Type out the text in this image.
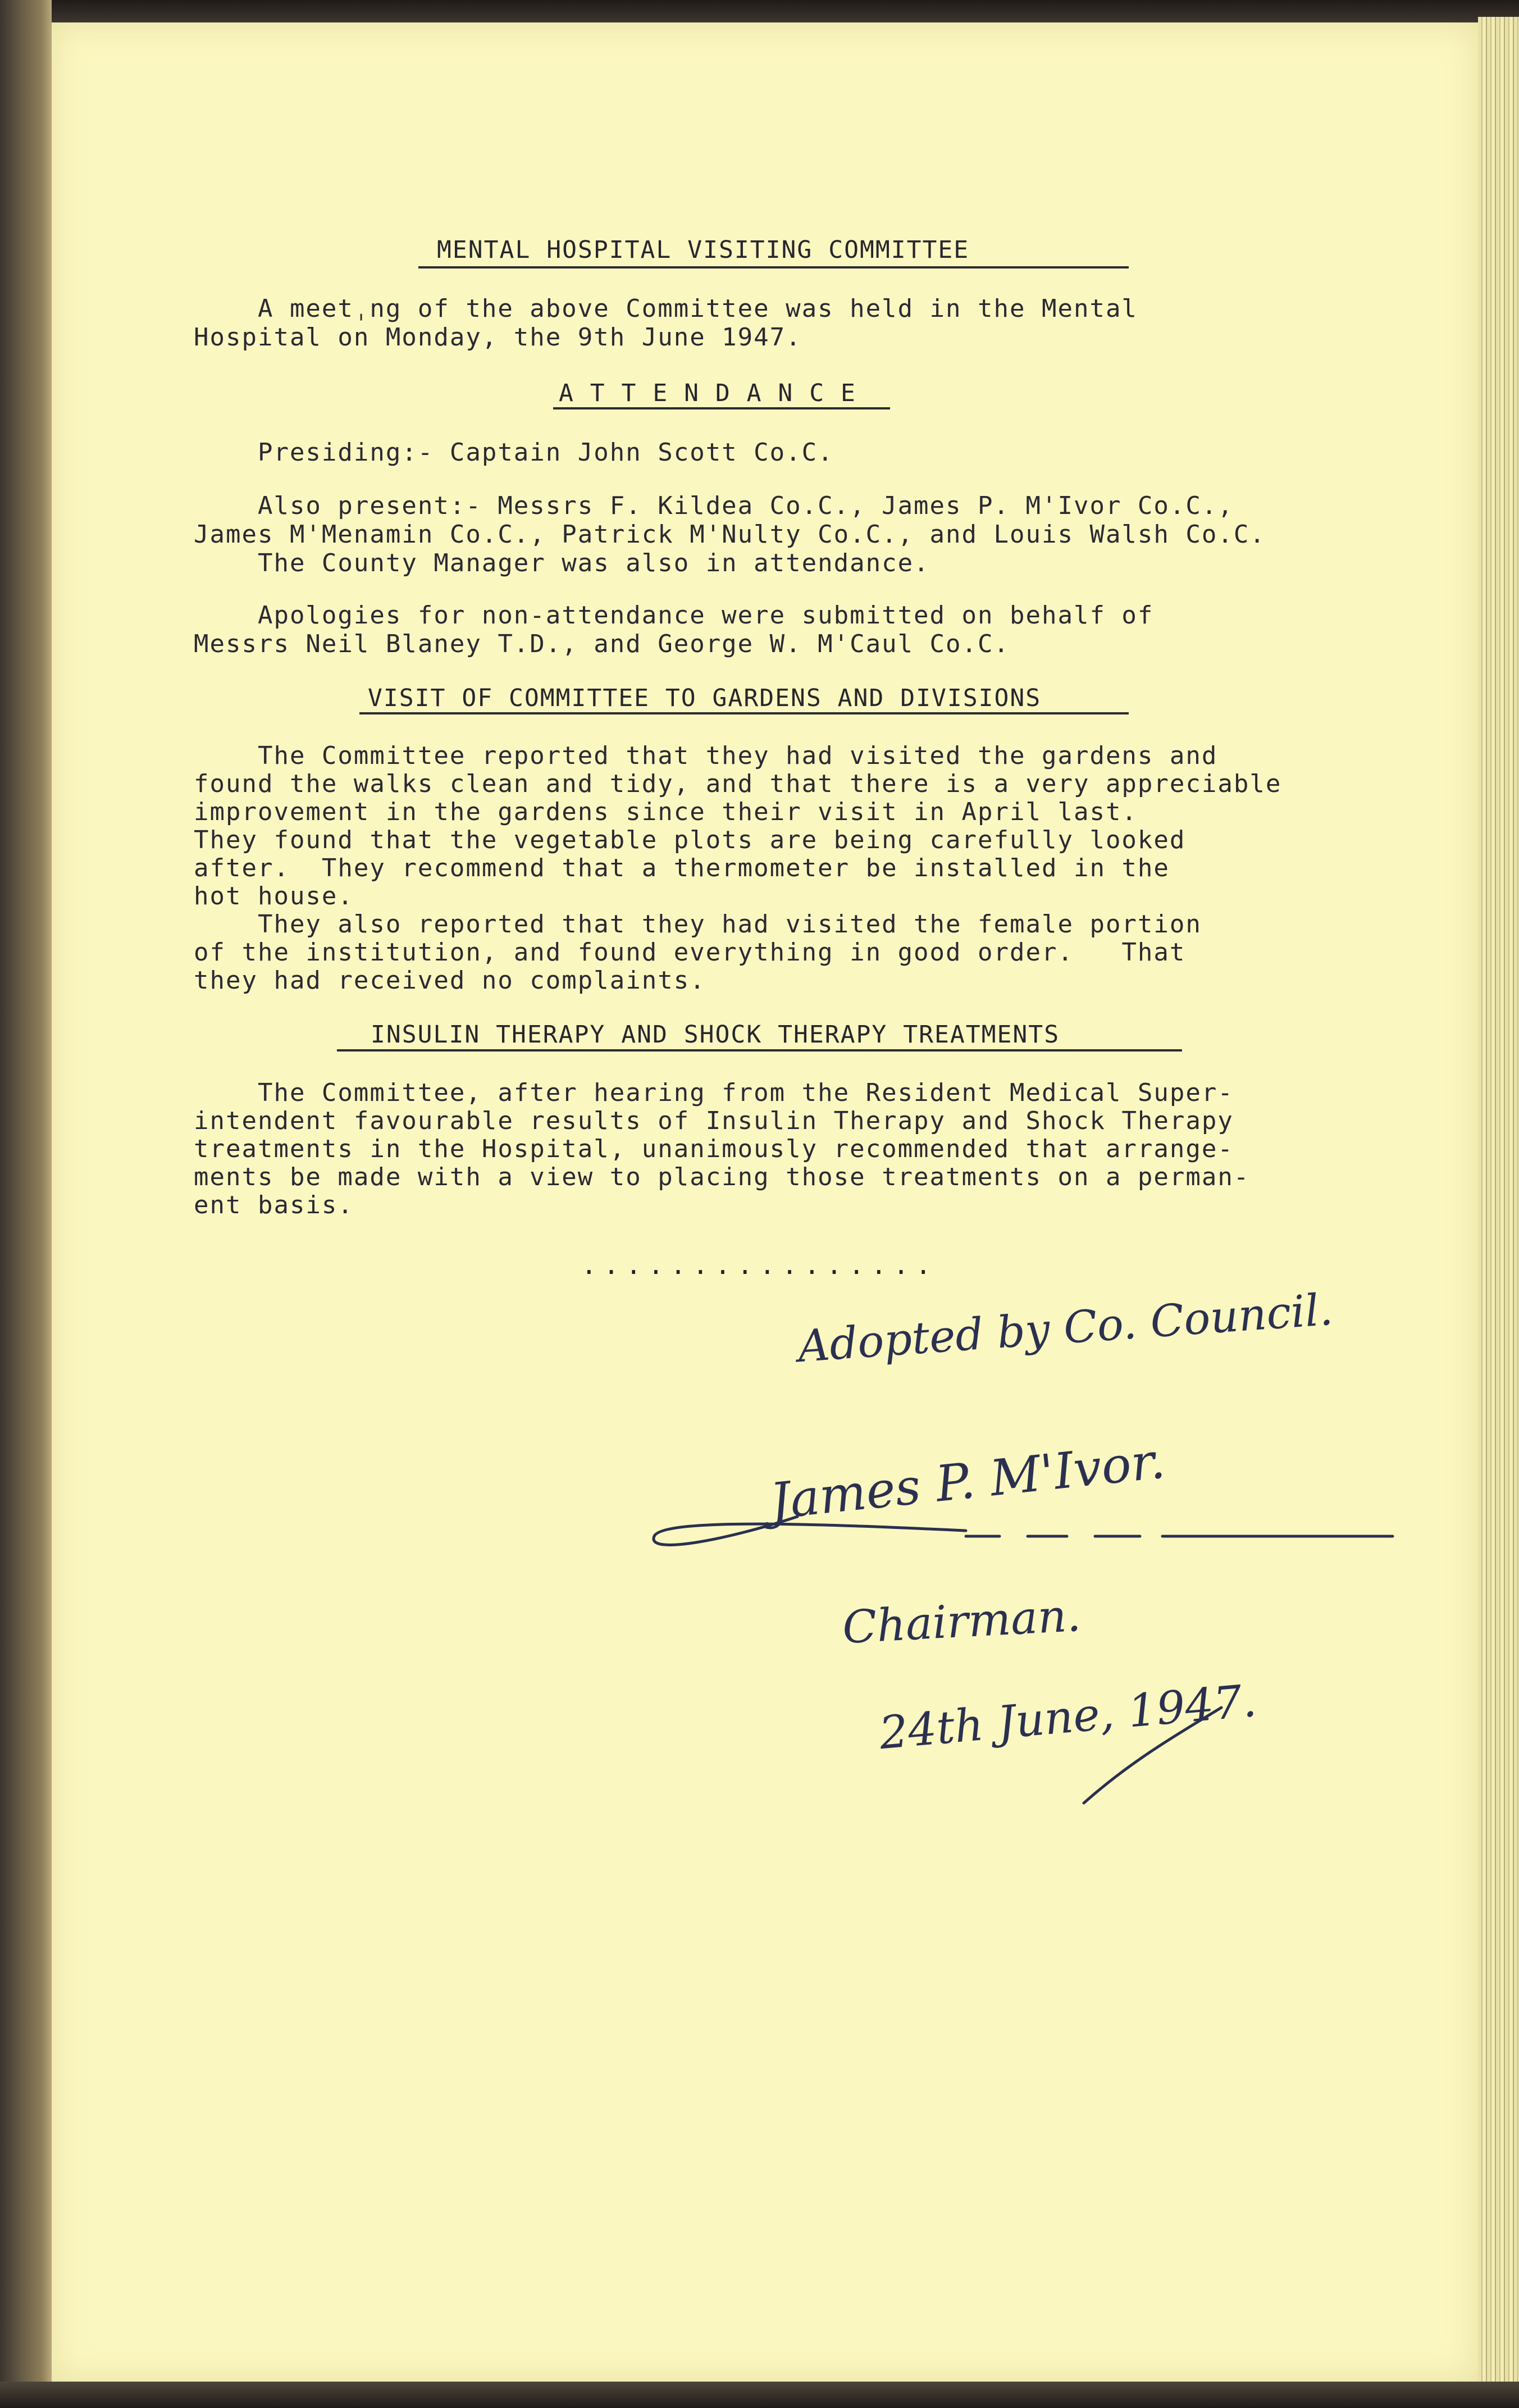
MENTAL HOSPITAL VISITING COMMITTEE
A meetˌng of the above Committee was held in the Mental
Hospital on Monday, the 9th June 1947.
A T T E N D A N C E
Presiding:- Captain John Scott Co.C.
Also present:- Messrs F. Kildea Co.C., James P. M'Ivor Co.C.,
James M'Menamin Co.C., Patrick M'Nulty Co.C., and Louis Walsh Co.C.
The County Manager was also in attendance.
Apologies for non-attendance were submitted on behalf of
Messrs Neil Blaney T.D., and George W. M'Caul Co.C.
VISIT OF COMMITTEE TO GARDENS AND DIVISIONS
The Committee reported that they had visited the gardens and
found the walks clean and tidy, and that there is a very appreciable
improvement in the gardens since their visit in April last.
They found that the vegetable plots are being carefully looked
after.  They recommend that a thermometer be installed in the
hot house.
They also reported that they had visited the female portion
of the institution, and found everything in good order.   That
they had received no complaints.
INSULIN THERAPY AND SHOCK THERAPY TREATMENTS
The Committee, after hearing from the Resident Medical Super-
intendent favourable results of Insulin Therapy and Shock Therapy
treatments in the Hospital, unanimously recommended that arrange-
ments be made with a view to placing those treatments on a perman-
ent basis.
................
Adopted by Co. Council.
James P. M'Ivor.
Chairman.
24th June, 1947.
